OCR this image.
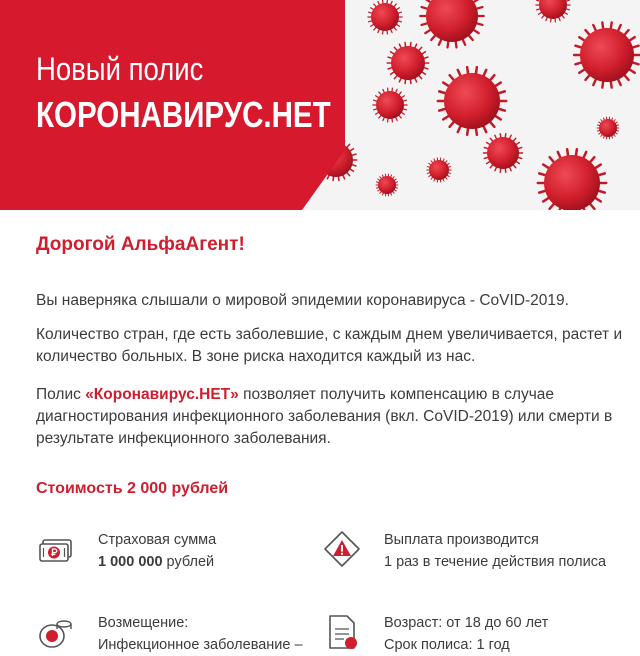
Новый полис
КОРОНАВИРУС.НЕТ
Дорогой АльфаАгент!

Вы наверняка слышали о мировой эпидемии коронавируса - CoVID-2019.

Количество стран, где есть заболевшие, с каждым днем увеличивается, растет и количество больных. В зоне риска находится каждый из нас.

Полис «Коронавирус.НЕТ» позволяет получить компенсацию в случае диагностирования инфекционного заболевания (вкл. CoVID-2019) или смерти в результате инфекционного заболевания.

Стоимость 2 000 рублей
Страховая сумма
1 000 000 рублей
Выплата производится
1 раз в течение действия полиса
Возмещение:
Инфекционное заболевание –
Возраст: от 18 до 60 лет
Срок полиса: 1 год
